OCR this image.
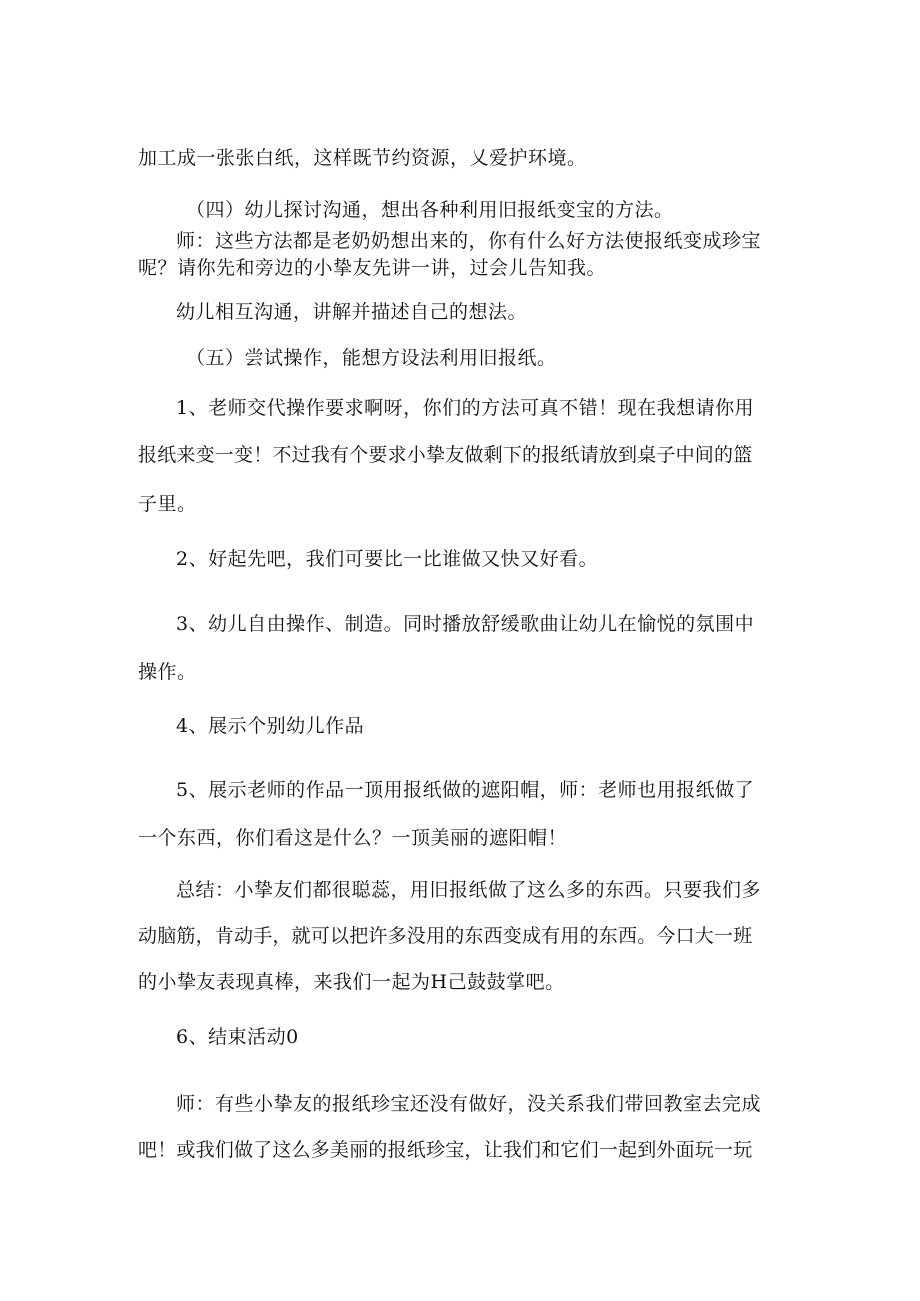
加工成一张张白纸，这样既节约资源，乂爱护环境。
（四）幼儿探讨沟通，想出各种利用旧报纸变宝的方法。
师：这些方法都是老奶奶想出来的，你有什么好方法使报纸变成珍宝
呢？请你先和旁边的小挚友先讲一讲，过会儿告知我。
幼儿相互沟通，讲解并描述自己的想法。
（五）尝试操作，能想方设法利用旧报纸。
1、老师交代操作要求啊呀，你们的方法可真不错！现在我想请你用
报纸来变一变！不过我有个要求小挚友做剩下的报纸请放到桌子中间的篮
子里。
2、好起先吧，我们可要比一比谁做又快又好看。
3、幼儿自由操作、制造。同时播放舒缓歌曲让幼儿在愉悦的氛围中
操作。
4、展示个别幼儿作品
5、展示老师的作品一顶用报纸做的遮阳帽，师：老师也用报纸做了
一个东西，你们看这是什么？一顶美丽的遮阳帽！
总结：小挚友们都很聪蕊，用旧报纸做了这么多的东西。只要我们多
动脑筋，肯动手，就可以把许多没用的东西变成有用的东西。今口大一班
的小挚友表现真棒，来我们一起为H己鼓鼓掌吧。
6、结束活动0
师：有些小挚友的报纸珍宝还没有做好，没关系我们带回教室去完成
吧！或我们做了这么多美丽的报纸珍宝，让我们和它们一起到外面玩一玩
